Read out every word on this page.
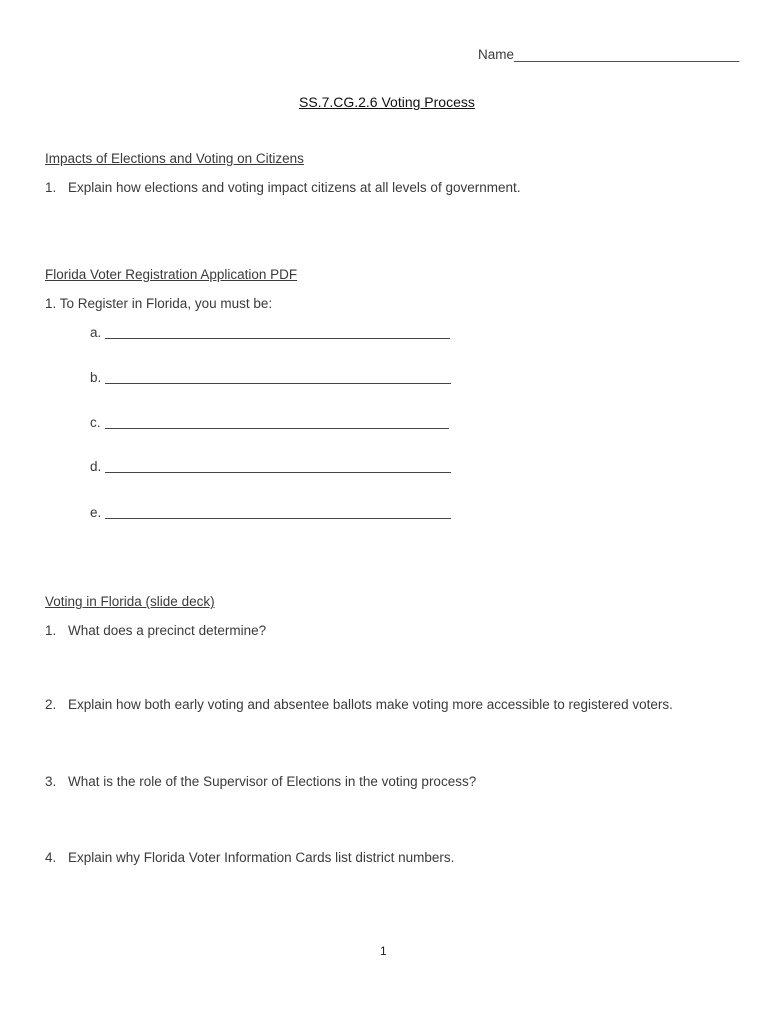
Name______________________________
SS.7.CG.2.6 Voting Process
Impacts of Elections and Voting on Citizens
1. Explain how elections and voting impact citizens at all levels of government.
Florida Voter Registration Application PDF
1. To Register in Florida, you must be:
a.
b.
c.
d.
e.
Voting in Florida (slide deck)
1. What does a precinct determine?
2. Explain how both early voting and absentee ballots make voting more accessible to registered voters.
3. What is the role of the Supervisor of Elections in the voting process?
4. Explain why Florida Voter Information Cards list district numbers.
1
